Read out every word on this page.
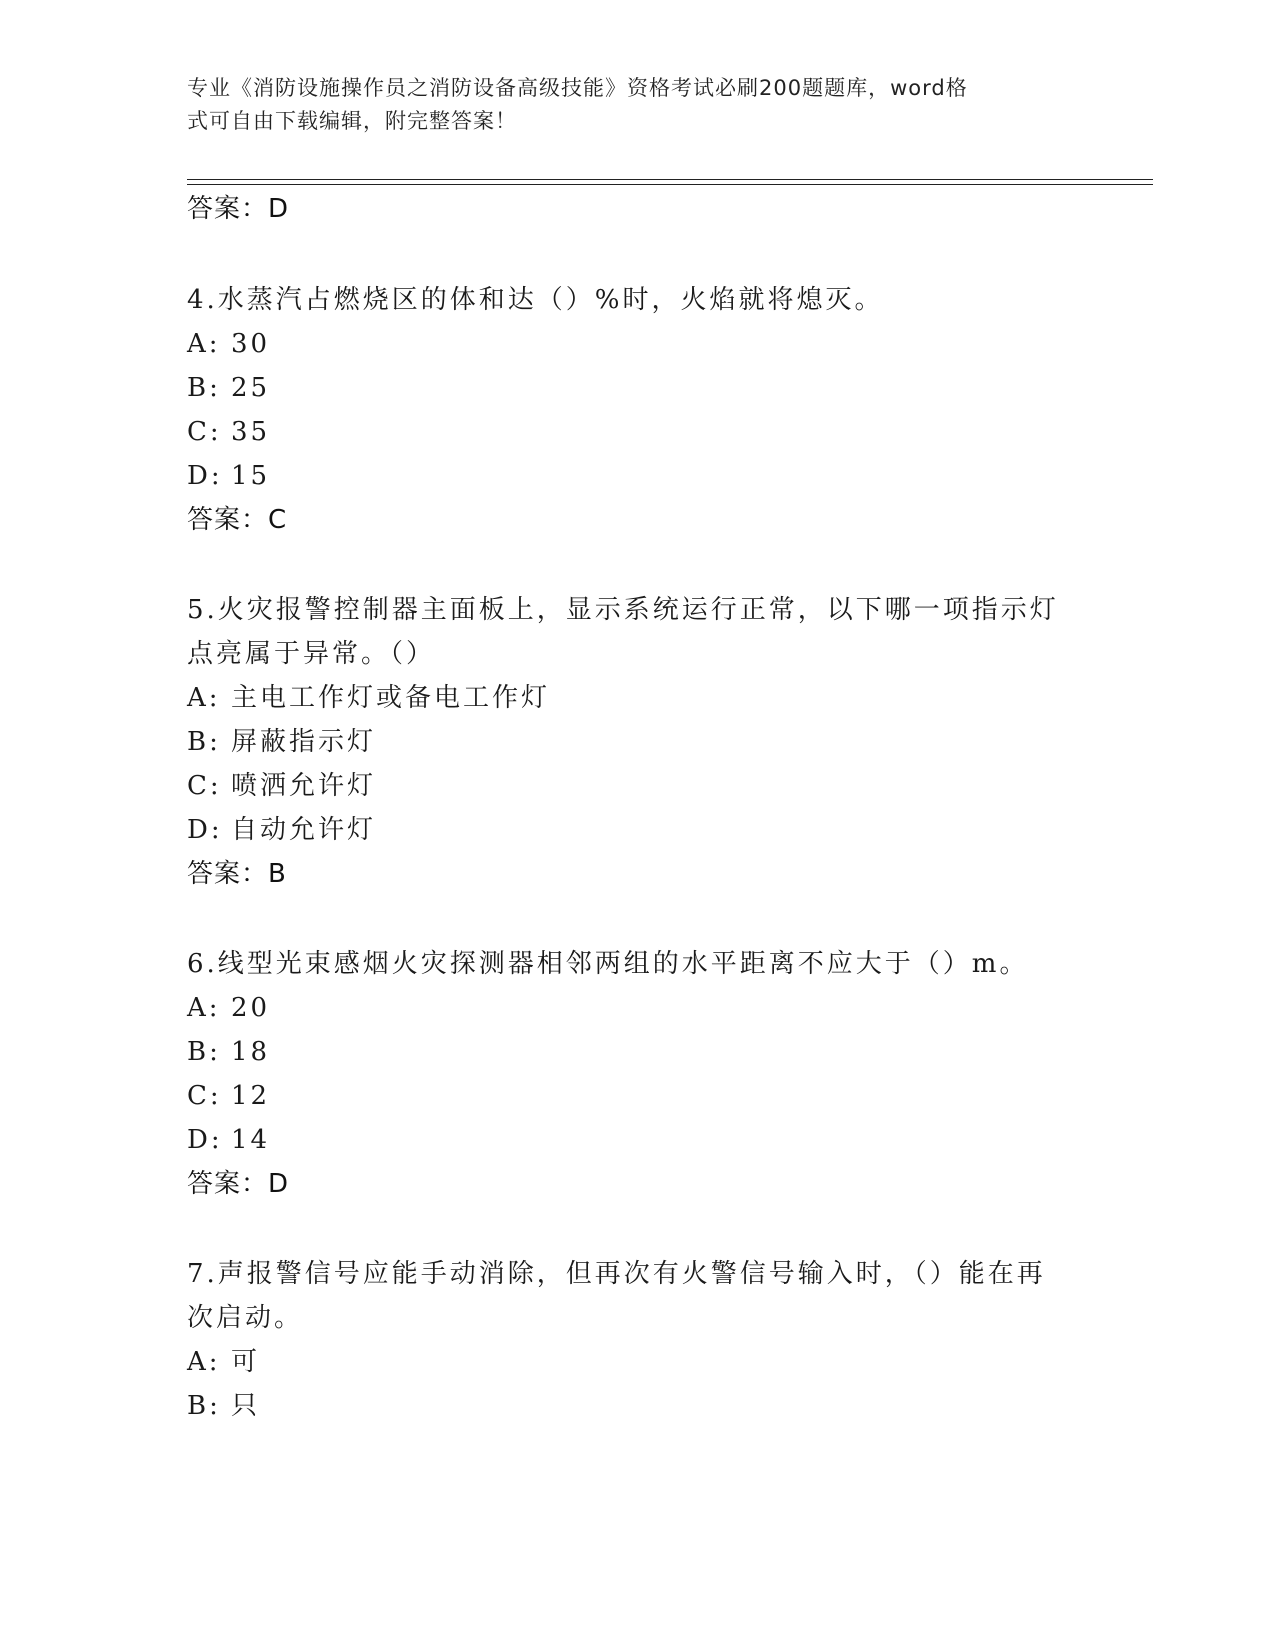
专业《消防设施操作员之消防设备高级技能》资格考试必刷200题题库，word格
式可自由下载编辑，附完整答案！
答案：D
4.水蒸汽占燃烧区的体和达（）%时，火焰就将熄灭。
A: 30
B: 25
C: 35
D: 15
答案：C
5.火灾报警控制器主面板上，显示系统运行正常，以下哪一项指示灯
点亮属于异常。（）
A: 主电工作灯或备电工作灯
B: 屏蔽指示灯
C: 喷洒允许灯
D: 自动允许灯
答案：B
6.线型光束感烟火灾探测器相邻两组的水平距离不应大于（）m。
A: 20
B: 18
C: 12
D: 14
答案：D
7.声报警信号应能手动消除，但再次有火警信号输入时，（）能在再
次启动。
A: 可
B: 只
